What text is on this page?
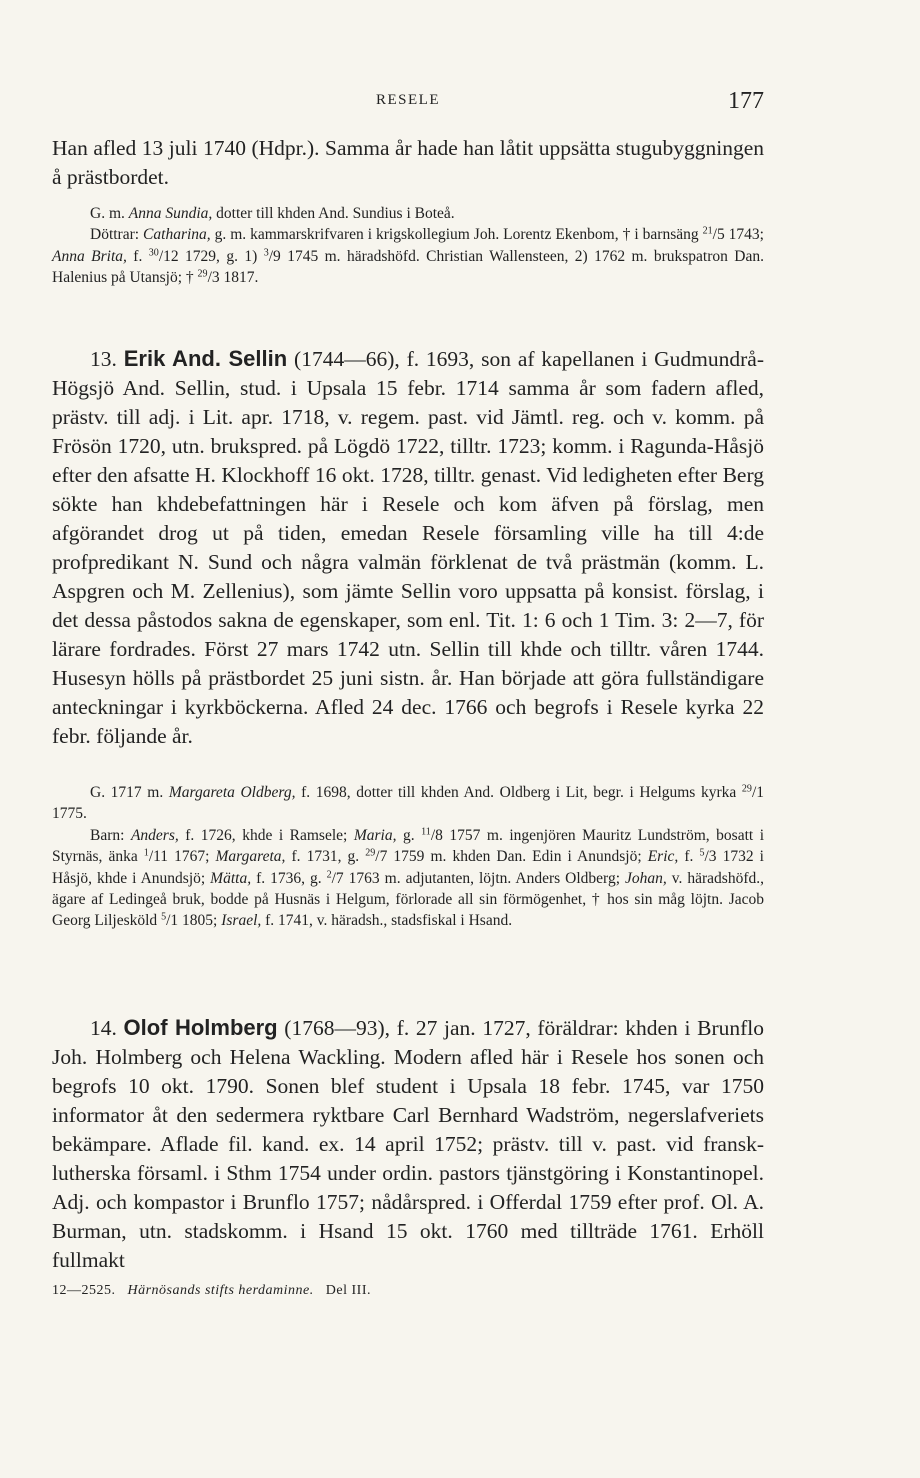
RESELE	177

Han afled 13 juli 1740 (Hdpr.). Samma år hade han låtit uppsätta stugubyggningen å prästbordet.

G. m. Anna Sundia, dotter till khden And. Sundius i Boteå.
Döttrar: Catharina, g. m. kammarskrifvaren i krigskollegium Joh. Lorentz Ekenbom, † i barnsäng $^{21}$/5 1743; Anna Brita, f. $^{30}$/12 1729, g. 1) $^3$/9 1745 m. häradshöfd. Christian Wallensteen, 2) 1762 m. brukspatron Dan. Halenius på Utansjö; † $^{29}$/3 1817.

13. Erik And. Sellin (1744—66), f. 1693, son af kapellanen i Gudmundrå-Högsjö And. Sellin, stud. i Upsala 15 febr. 1714 samma år som fadern afled, prästv. till adj. i Lit. apr. 1718, v. regem. past. vid Jämtl. reg. och v. komm. på Frösön 1720, utn. brukspred. på Lögdö 1722, tilltr. 1723; komm. i Ragunda-Håsjö efter den afsatte H. Klockhoff 16 okt. 1728, tilltr. genast. Vid ledigheten efter Berg sökte han khdebefattningen här i Resele och kom äfven på förslag, men afgörandet drog ut på tiden, emedan Resele församling ville ha till 4:de profpredikant N. Sund och några valmän förklenat de två prästmän (komm. L. Aspgren och M. Zellenius), som jämte Sellin voro uppsatta på konsist. förslag, i det dessa påstodos sakna de egenskaper, som enl. Tit. 1: 6 och 1 Tim. 3: 2—7, för lärare fordrades. Först 27 mars 1742 utn. Sellin till khde och tilltr. våren 1744. Husesyn hölls på prästbordet 25 juni sistn. år. Han började att göra fullständigare anteckningar i kyrkböckerna. Afled 24 dec. 1766 och begrofs i Resele kyrka 22 febr. följande år.

G. 1717 m. Margareta Oldberg, f. 1698, dotter till khden And. Oldberg i Lit, begr. i Helgums kyrka $^{29}$/1 1775.
Barn: Anders, f. 1726, khde i Ramsele; Maria, g. $^{11}$/8 1757 m. ingenjören Mauritz Lundström, bosatt i Styrnäs, änka $^1$/11 1767; Margareta, f. 1731, g. $^{29}$/7 1759 m. khden Dan. Edin i Anundsjö; Eric, f. $^5$/3 1732 i Håsjö, khde i Anundsjö; Mätta, f. 1736, g. $^2$/7 1763 m. adjutanten, löjtn. Anders Oldberg; Johan, v. häradshöfd., ägare af Ledingeå bruk, bodde på Husnäs i Helgum, förlorade all sin förmögenhet, † hos sin måg löjtn. Jacob Georg Liljesköld $^5$/1 1805; Israel, f. 1741, v. häradsh., stadsfiskal i Hsand.

14. Olof Holmberg (1768—93), f. 27 jan. 1727, föräldrar: khden i Brunflo Joh. Holmberg och Helena Wackling. Modern afled här i Resele hos sonen och begrofs 10 okt. 1790. Sonen blef student i Upsala 18 febr. 1745, var 1750 informator åt den sedermera ryktbare Carl Bernhard Wadström, negerslafveriets bekämpare. Aflade fil. kand. ex. 14 april 1752; prästv. till v. past. vid fransk-lutherska församl. i Sthm 1754 under ordin. pastors tjänstgöring i Konstantinopel. Adj. och kompastor i Brunflo 1757; nådårspred. i Offerdal 1759 efter prof. Ol. A. Burman, utn. stadskomm. i Hsand 15 okt. 1760 med tillträde 1761. Erhöll fullmakt

12—2525. Härnösands stifts herdaminne. Del III.
